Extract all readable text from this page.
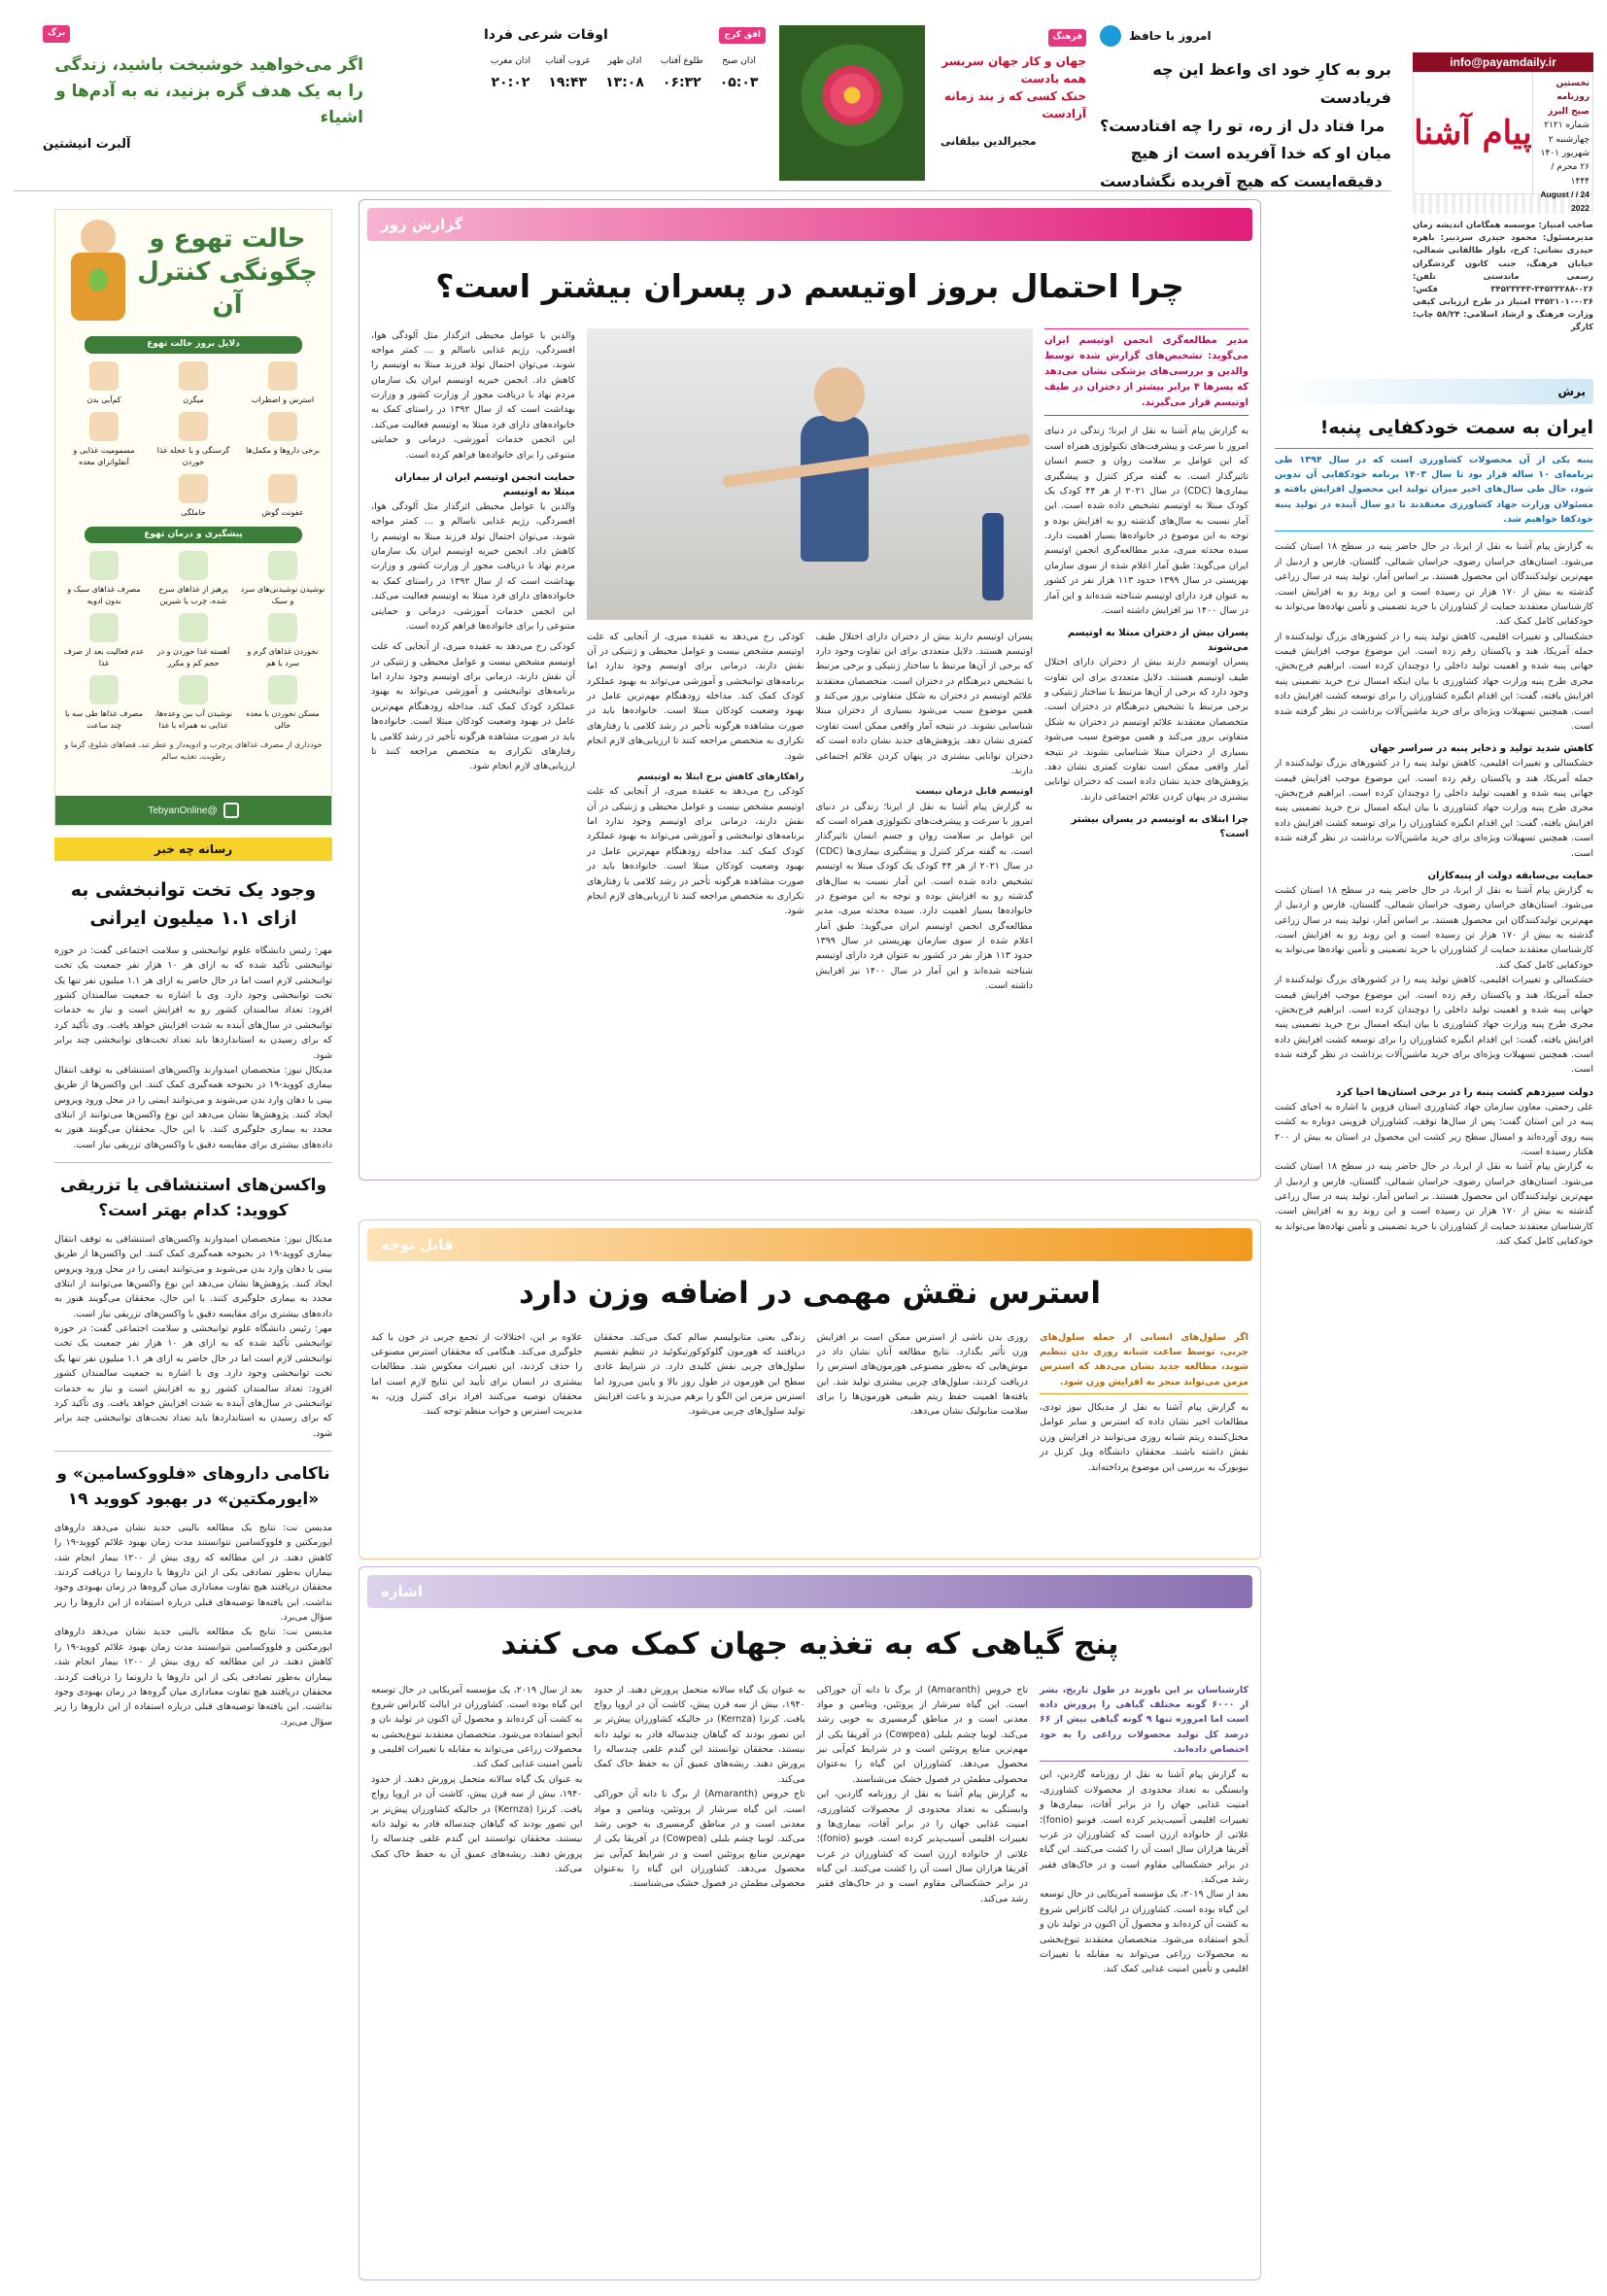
info@payamdaily.ir
نخستین روزنامه صبح البرز
شماره ۲۱۲۱
چهارشنبه ۲ شهریور ۱۴۰۱
۲۶ محرم / ۱۴۴۴
24 / August / 2022
پیام آشنا
صاحب امتیاز: موسسه همگامان اندیشه زمان مدیرمسئول: محمود حیدری سردبیر: باهره حیدری نشانی: کرج، بلوار طالقانی شمالی، خیابان فرهنگ، جنب کانون گردشگران رسمی ماندستی تلفن: ۰۲۶-۳۴۵۲۳۲۸۸-۳۴۵۲۳۲۴۳ فکس: ۰۲۶-۳۴۵۲۱۰۱۰ امتیاز در طرح ارزیابی کیفی وزارت فرهنگ و ارشاد اسلامی: ۵۸/۲۴ چاپ: کارگر
امروز با حافظ
برو به کارِ خود ای واعظ این چه فریادست
مرا فتاد دل از ره، تو را چه افتادست؟
میان او که خدا آفریده است از هیچ
دقیقه‌ایست که هیچ آفریده نگشادست
فرهنگ
جهان و کار جهان سربسر
همه بادست
خنک کسی که ز بند زمانه
آزادست
مجیرالدین بیلقانی
افق کرج
اوقات شرعی فردا
اذان صبح
طلوع آفتاب
اذان ظهر
غروب آفتاب
اذان مغرب
۰۵:۰۳
۰۶:۳۲
۱۳:۰۸
۱۹:۴۳
۲۰:۰۲
برگ
اگر می‌خواهید خوشبخت باشید، زندگی را به یک هدف گره بزنید، نه به آدم‌ها و اشیاء
آلبرت انیشتین
گزارش روز
چرا احتمال بروز اوتیسم در پسران بیشتر است؟
مدیر مطالعه‌گری انجمن اوتیسم ایران می‌گوید: تشخیص‌های گزارش شده توسط والدین و بررسی‌های پزشکی نشان می‌دهد که پسرها ۴ برابر بیشتر از دختران در طیف اوتیسم قرار می‌گیرند.
به گزارش پیام آشنا به نقل از ایرنا؛ زندگی در دنیای امروز با سرعت و پیشرفت‌های تکنولوژی همراه است که این عوامل بر سلامت روان و جسم انسان تاثیرگذار است. به گفته مرکز کنترل و پیشگیری بیماری‌ها (CDC) در سال ۲۰۲۱ از هر ۴۴ کودک یک کودک مبتلا به اوتیسم تشخیص داده شده است. این آمار نسبت به سال‌های گذشته رو به افزایش بوده و توجه به این موضوع در خانواده‌ها بسیار اهمیت دارد. سیده محدثه میری، مدیر مطالعه‌گری انجمن اوتیسم ایران می‌گوید: طبق آمار اعلام شده از سوی سازمان بهزیستی در سال ۱۳۹۹ حدود ۱۱۳ هزار نفر در کشور به عنوان فرد دارای اوتیسم شناخته شده‌اند و این آمار در سال ۱۴۰۰ نیز افزایش داشته است.
پسران بیش از دختران مبتلا به اوتیسم می‌شوند
پسران اوتیسم دارند بیش از دختران دارای اختلال طیف اوتیسم هستند. دلایل متعددی برای این تفاوت وجود دارد که برخی از آن‌ها مرتبط با ساختار ژنتیکی و برخی مرتبط با تشخیص دیرهنگام در دختران است. متخصصان معتقدند علائم اوتیسم در دختران به شکل متفاوتی بروز می‌کند و همین موضوع سبب می‌شود بسیاری از دختران مبتلا شناسایی نشوند. در نتیجه آمار واقعی ممکن است تفاوت کمتری نشان دهد. پژوهش‌های جدید نشان داده است که دختران توانایی بیشتری در پنهان کردن علائم اجتماعی دارند.
چرا ابتلای به اوتیسم در پسران بیشتر است؟
پسران اوتیسم دارند بیش از دختران دارای اختلال طیف اوتیسم هستند. دلایل متعددی برای این تفاوت وجود دارد که برخی از آن‌ها مرتبط با ساختار ژنتیکی و برخی مرتبط با تشخیص دیرهنگام در دختران است. متخصصان معتقدند علائم اوتیسم در دختران به شکل متفاوتی بروز می‌کند و همین موضوع سبب می‌شود بسیاری از دختران مبتلا شناسایی نشوند. در نتیجه آمار واقعی ممکن است تفاوت کمتری نشان دهد. پژوهش‌های جدید نشان داده است که دختران توانایی بیشتری در پنهان کردن علائم اجتماعی دارند.
اوتیسم قابل درمان نیست
به گزارش پیام آشنا به نقل از ایرنا؛ زندگی در دنیای امروز با سرعت و پیشرفت‌های تکنولوژی همراه است که این عوامل بر سلامت روان و جسم انسان تاثیرگذار است. به گفته مرکز کنترل و پیشگیری بیماری‌ها (CDC) در سال ۲۰۲۱ از هر ۴۴ کودک یک کودک مبتلا به اوتیسم تشخیص داده شده است. این آمار نسبت به سال‌های گذشته رو به افزایش بوده و توجه به این موضوع در خانواده‌ها بسیار اهمیت دارد. سیده محدثه میری، مدیر مطالعه‌گری انجمن اوتیسم ایران می‌گوید: طبق آمار اعلام شده از سوی سازمان بهزیستی در سال ۱۳۹۹ حدود ۱۱۳ هزار نفر در کشور به عنوان فرد دارای اوتیسم شناخته شده‌اند و این آمار در سال ۱۴۰۰ نیز افزایش داشته است.
کودکی رخ می‌دهد به عقیده میری، از آنجایی که علت اوتیسم مشخص نیست و عوامل محیطی و ژنتیکی در آن نقش دارند، درمانی برای اوتیسم وجود ندارد اما برنامه‌های توانبخشی و آموزشی می‌تواند به بهبود عملکرد کودک کمک کند. مداخله زودهنگام مهم‌ترین عامل در بهبود وضعیت کودکان مبتلا است. خانواده‌ها باید در صورت مشاهده هرگونه تأخیر در رشد کلامی یا رفتارهای تکراری به متخصص مراجعه کنند تا ارزیابی‌های لازم انجام شود.
راهکارهای کاهش نرخ ابتلا به اوتیسم
کودکی رخ می‌دهد به عقیده میری، از آنجایی که علت اوتیسم مشخص نیست و عوامل محیطی و ژنتیکی در آن نقش دارند، درمانی برای اوتیسم وجود ندارد اما برنامه‌های توانبخشی و آموزشی می‌تواند به بهبود عملکرد کودک کمک کند. مداخله زودهنگام مهم‌ترین عامل در بهبود وضعیت کودکان مبتلا است. خانواده‌ها باید در صورت مشاهده هرگونه تأخیر در رشد کلامی یا رفتارهای تکراری به متخصص مراجعه کنند تا ارزیابی‌های لازم انجام شود.
والدین یا عوامل محیطی اثرگذار مثل آلودگی هوا، افسردگی، رژیم غذایی ناسالم و ... کمتر مواجه شوند، می‌توان احتمال تولد فرزند مبتلا به اوتیسم را کاهش داد. انجمن خیریه اوتیسم ایران یک سازمان مردم نهاد با دریافت مجوز از وزارت کشور و وزارت بهداشت است که از سال ۱۳۹۲ در راستای کمک به خانواده‌های دارای فرد مبتلا به اوتیسم فعالیت می‌کند. این انجمن خدمات آموزشی، درمانی و حمایتی متنوعی را برای خانواده‌ها فراهم کرده است.
حمایت انجمن اوتیسم ایران از بیماران مبتلا به اوتیسم
والدین یا عوامل محیطی اثرگذار مثل آلودگی هوا، افسردگی، رژیم غذایی ناسالم و ... کمتر مواجه شوند، می‌توان احتمال تولد فرزند مبتلا به اوتیسم را کاهش داد. انجمن خیریه اوتیسم ایران یک سازمان مردم نهاد با دریافت مجوز از وزارت کشور و وزارت بهداشت است که از سال ۱۳۹۲ در راستای کمک به خانواده‌های دارای فرد مبتلا به اوتیسم فعالیت می‌کند. این انجمن خدمات آموزشی، درمانی و حمایتی متنوعی را برای خانواده‌ها فراهم کرده است.
کودکی رخ می‌دهد به عقیده میری، از آنجایی که علت اوتیسم مشخص نیست و عوامل محیطی و ژنتیکی در آن نقش دارند، درمانی برای اوتیسم وجود ندارد اما برنامه‌های توانبخشی و آموزشی می‌تواند به بهبود عملکرد کودک کمک کند. مداخله زودهنگام مهم‌ترین عامل در بهبود وضعیت کودکان مبتلا است. خانواده‌ها باید در صورت مشاهده هرگونه تأخیر در رشد کلامی یا رفتارهای تکراری به متخصص مراجعه کنند تا ارزیابی‌های لازم انجام شود.
قابل توجه
استرس نقش مهمی در اضافه وزن دارد
اگر سلول‌های انسانی از جمله سلول‌های چربی، توسط ساعت شبانه روزی بدن تنظیم شوند، مطالعه جدید نشان می‌دهد که استرس مزمن می‌تواند منجر به افزایش وزن شود.
به گزارش پیام آشنا به نقل از مدیکال نیوز تودی، مطالعات اخیر نشان داده که استرس و سایر عوامل مختل‌کننده ریتم شبانه روزی می‌توانند در افزایش وزن نقش داشته باشند. محققان دانشگاه ویل کرنل در نیویورک به بررسی این موضوع پرداخته‌اند.
روزی بدن ناشی از استرس ممکن است بر افزایش وزن تأثیر بگذارد. نتایج مطالعه آنان نشان داد در موش‌هایی که به‌طور مصنوعی هورمون‌های استرس را دریافت کردند، سلول‌های چربی بیشتری تولید شد. این یافته‌ها اهمیت حفظ ریتم طبیعی هورمون‌ها را برای سلامت متابولیک نشان می‌دهد.
زندگی یعنی متابولیسم سالم کمک می‌کند. محققان دریافتند که هورمون گلوکوکورتیکوئید در تنظیم تقسیم سلول‌های چربی نقش کلیدی دارد. در شرایط عادی سطح این هورمون در طول روز بالا و پایین می‌رود اما استرس مزمن این الگو را برهم می‌زند و باعث افزایش تولید سلول‌های چربی می‌شود.
علاوه بر این، اختلالات از تجمع چربی در خون یا کبد جلوگیری می‌کند. هنگامی که محققان استرس مصنوعی را حذف کردند، این تغییرات معکوس شد. مطالعات بیشتری در انسان برای تأیید این نتایج لازم است اما محققان توصیه می‌کنند افراد برای کنترل وزن، به مدیریت استرس و خواب منظم توجه کنند.
اشاره
پنج گیاهی که به تغذیه جهان کمک می کنند
کارشناسان بر این باورند در طول تاریخ، بشر از ۶۰۰۰ گونه مختلف گیاهی را پرورش داده است اما امروزه تنها ۹ گونه گیاهی بیش از ۶۶ درصد کل تولید محصولات زراعی را به خود اختصاص داده‌اند.
به گزارش پیام آشنا به نقل از روزنامه گاردین، این وابستگی به تعداد محدودی از محصولات کشاورزی، امنیت غذایی جهان را در برابر آفات، بیماری‌ها و تغییرات اقلیمی آسیب‌پذیر کرده است. فونیو (fonio)؛ غلاتی از خانواده ارزن است که کشاورزان در غرب آفریقا هزاران سال است آن را کشت می‌کنند. این گیاه در برابر خشکسالی مقاوم است و در خاک‌های فقیر رشد می‌کند.
بعد از سال ۲۰۱۹، یک مؤسسه آمریکایی در حال توسعه این گیاه بوده است. کشاورزان در ایالت کانزاس شروع به کشت آن کرده‌اند و محصول آن اکنون در تولید نان و آبجو استفاده می‌شود. متخصصان معتقدند تنوع‌بخشی به محصولات زراعی می‌تواند به مقابله با تغییرات اقلیمی و تأمین امنیت غذایی کمک کند.
تاج خروس (Amaranth) از برگ تا دانه آن خوراکی است. این گیاه سرشار از پروتئین، ویتامین و مواد معدنی است و در مناطق گرمسیری به خوبی رشد می‌کند. لوبیا چشم بلبلی (Cowpea) در آفریقا یکی از مهم‌ترین منابع پروتئین است و در شرایط کم‌آبی نیز محصول می‌دهد. کشاورزان این گیاه را به‌عنوان محصولی مطمئن در فصول خشک می‌شناسند.
به گزارش پیام آشنا به نقل از روزنامه گاردین، این وابستگی به تعداد محدودی از محصولات کشاورزی، امنیت غذایی جهان را در برابر آفات، بیماری‌ها و تغییرات اقلیمی آسیب‌پذیر کرده است. فونیو (fonio)؛ غلاتی از خانواده ارزن است که کشاورزان در غرب آفریقا هزاران سال است آن را کشت می‌کنند. این گیاه در برابر خشکسالی مقاوم است و در خاک‌های فقیر رشد می‌کند.
به عنوان یک گیاه سالانه متحمل پرورش دهند. از حدود ۱۹۴۰، بیش از سه قرن پیش، کاشت آن در اروپا رواج یافت. کرنزا (Kernza) در حالیکه کشاورزان پیش‌تر بر این تصور بودند که گیاهان چندساله قادر به تولید دانه نیستند، محققان توانستند این گندم علفی چندساله را پرورش دهند. ریشه‌های عمیق آن به حفظ خاک کمک می‌کند.
تاج خروس (Amaranth) از برگ تا دانه آن خوراکی است. این گیاه سرشار از پروتئین، ویتامین و مواد معدنی است و در مناطق گرمسیری به خوبی رشد می‌کند. لوبیا چشم بلبلی (Cowpea) در آفریقا یکی از مهم‌ترین منابع پروتئین است و در شرایط کم‌آبی نیز محصول می‌دهد. کشاورزان این گیاه را به‌عنوان محصولی مطمئن در فصول خشک می‌شناسند.
بعد از سال ۲۰۱۹، یک مؤسسه آمریکایی در حال توسعه این گیاه بوده است. کشاورزان در ایالت کانزاس شروع به کشت آن کرده‌اند و محصول آن اکنون در تولید نان و آبجو استفاده می‌شود. متخصصان معتقدند تنوع‌بخشی به محصولات زراعی می‌تواند به مقابله با تغییرات اقلیمی و تأمین امنیت غذایی کمک کند.
به عنوان یک گیاه سالانه متحمل پرورش دهند. از حدود ۱۹۴۰، بیش از سه قرن پیش، کاشت آن در اروپا رواج یافت. کرنزا (Kernza) در حالیکه کشاورزان پیش‌تر بر این تصور بودند که گیاهان چندساله قادر به تولید دانه نیستند، محققان توانستند این گندم علفی چندساله را پرورش دهند. ریشه‌های عمیق آن به حفظ خاک کمک می‌کند.
برش
ایران به سمت خودکفایی پنبه!
پنبه یکی از آن محصولات کشاورزی است که در سال ۱۳۹۴ طی برنامه‌ای ۱۰ ساله قرار بود تا سال ۱۴۰۳ برنامه خودکفایی آن تدوین شود، حال طی سال‌های اخیر میزان تولید این محصول افزایش یافته و مسئولان وزارت جهاد کشاورزی معتقدند تا دو سال آینده در تولید پنبه خودکفا خواهیم شد.
به گزارش پیام آشنا به نقل از ایرنا، در حال حاضر پنبه در سطح ۱۸ استان کشت می‌شود. استان‌های خراسان رضوی، خراسان شمالی، گلستان، فارس و اردبیل از مهم‌ترین تولیدکنندگان این محصول هستند. بر اساس آمار، تولید پنبه در سال زراعی گذشته به بیش از ۱۷۰ هزار تن رسیده است و این روند رو به افزایش است. کارشناسان معتقدند حمایت از کشاورزان با خرید تضمینی و تأمین نهاده‌ها می‌تواند به خودکفایی کامل کمک کند.
خشکسالی و تغییرات اقلیمی، کاهش تولید پنبه را در کشورهای بزرگ تولیدکننده از جمله آمریکا، هند و پاکستان رقم زده است. این موضوع موجب افزایش قیمت جهانی پنبه شده و اهمیت تولید داخلی را دوچندان کرده است. ابراهیم فرح‌بخش، مجری طرح پنبه وزارت جهاد کشاورزی با بیان اینکه امسال نرخ خرید تضمینی پنبه افزایش یافته، گفت: این اقدام انگیزه کشاورزان را برای توسعه کشت افزایش داده است. همچنین تسهیلات ویژه‌ای برای خرید ماشین‌آلات برداشت در نظر گرفته شده است.
کاهش شدید تولید و ذخایر پنبه در سراسر جهان
خشکسالی و تغییرات اقلیمی، کاهش تولید پنبه را در کشورهای بزرگ تولیدکننده از جمله آمریکا، هند و پاکستان رقم زده است. این موضوع موجب افزایش قیمت جهانی پنبه شده و اهمیت تولید داخلی را دوچندان کرده است. ابراهیم فرح‌بخش، مجری طرح پنبه وزارت جهاد کشاورزی با بیان اینکه امسال نرخ خرید تضمینی پنبه افزایش یافته، گفت: این اقدام انگیزه کشاورزان را برای توسعه کشت افزایش داده است. همچنین تسهیلات ویژه‌ای برای خرید ماشین‌آلات برداشت در نظر گرفته شده است.
حمایت بی‌سابقه دولت از پنبه‌کاران
به گزارش پیام آشنا به نقل از ایرنا، در حال حاضر پنبه در سطح ۱۸ استان کشت می‌شود. استان‌های خراسان رضوی، خراسان شمالی، گلستان، فارس و اردبیل از مهم‌ترین تولیدکنندگان این محصول هستند. بر اساس آمار، تولید پنبه در سال زراعی گذشته به بیش از ۱۷۰ هزار تن رسیده است و این روند رو به افزایش است. کارشناسان معتقدند حمایت از کشاورزان با خرید تضمینی و تأمین نهاده‌ها می‌تواند به خودکفایی کامل کمک کند.
خشکسالی و تغییرات اقلیمی، کاهش تولید پنبه را در کشورهای بزرگ تولیدکننده از جمله آمریکا، هند و پاکستان رقم زده است. این موضوع موجب افزایش قیمت جهانی پنبه شده و اهمیت تولید داخلی را دوچندان کرده است. ابراهیم فرح‌بخش، مجری طرح پنبه وزارت جهاد کشاورزی با بیان اینکه امسال نرخ خرید تضمینی پنبه افزایش یافته، گفت: این اقدام انگیزه کشاورزان را برای توسعه کشت افزایش داده است. همچنین تسهیلات ویژه‌ای برای خرید ماشین‌آلات برداشت در نظر گرفته شده است.
دولت سیزدهم کشت پنبه را در برخی استان‌ها احیا کرد
علی رحمتی، معاون سازمان جهاد کشاورزی استان قزوین با اشاره به احیای کشت پنبه در این استان گفت: پس از سال‌ها توقف، کشاورزان قزوینی دوباره به کشت پنبه روی آورده‌اند و امسال سطح زیر کشت این محصول در استان به بیش از ۲۰۰ هکتار رسیده است.
به گزارش پیام آشنا به نقل از ایرنا، در حال حاضر پنبه در سطح ۱۸ استان کشت می‌شود. استان‌های خراسان رضوی، خراسان شمالی، گلستان، فارس و اردبیل از مهم‌ترین تولیدکنندگان این محصول هستند. بر اساس آمار، تولید پنبه در سال زراعی گذشته به بیش از ۱۷۰ هزار تن رسیده است و این روند رو به افزایش است. کارشناسان معتقدند حمایت از کشاورزان با خرید تضمینی و تأمین نهاده‌ها می‌تواند به خودکفایی کامل کمک کند.
حالت تهوع و
چگونگی کنترل آن
دلایل بروز حالت تهوع
استرس و اضطراب
میگرن
کم‌آبی بدن
برخی داروها و مکمل‌ها
گرسنگی و یا عجله غذا خوردن
مسمومیت غذایی و آنفلوانزای معده
عفونت گوش
حاملگی
پیشگیری و درمان تهوع
نوشیدن نوشیدنی‌های سرد و سبک
پرهیز از غذاهای سرخ شده، چرب یا شیرین
مصرف غذاهای سبک و بدون ادویه
نخوردن غذاهای گرم و سرد با هم
آهسته غذا خوردن و در حجم کم و مکرر
عدم فعالیت بعد از صرف غذا
مسکن نخوردن با معده خالی
نوشیدن آب بین وعده‌ها، غذایی نه همراه با غذا
مصرف غذاها طی سه یا چند ساعت
خودداری از مصرف غذاهای پرچرب و ادویه‌دار و عطر تند، فضاهای شلوغ، گرما و رطوبت، تغذیه سالم
@TebyanOnline
رسانه چه خبر
وجود یک تخت توانبخشی به ازای ۱.۱ میلیون ایرانی
مهر: رئیس دانشگاه علوم توانبخشی و سلامت اجتماعی گفت: در حوزه توانبخشی تأکید شده که به ازای هر ۱۰ هزار نفر جمعیت یک تخت توانبخشی لازم است اما در حال حاضر به ازای هر ۱.۱ میلیون نفر تنها یک تخت توانبخشی وجود دارد. وی با اشاره به جمعیت سالمندان کشور افزود: تعداد سالمندان کشور رو به افزایش است و نیاز به خدمات توانبخشی در سال‌های آینده به شدت افزایش خواهد یافت. وی تأکید کرد که برای رسیدن به استانداردها باید تعداد تخت‌های توانبخشی چند برابر شود.
مدیکال نیوز: متخصصان امیدوارند واکسن‌های استنشاقی به توقف انتقال بیماری کووید-۱۹ در بحبوحه همه‌گیری کمک کنند. این واکسن‌ها از طریق بینی یا دهان وارد بدن می‌شوند و می‌توانند ایمنی را در محل ورود ویروس ایجاد کنند. پژوهش‌ها نشان می‌دهد این نوع واکسن‌ها می‌توانند از ابتلای مجدد به بیماری جلوگیری کنند. با این حال، محققان می‌گویند هنوز به داده‌های بیشتری برای مقایسه دقیق با واکسن‌های تزریقی نیاز است.
واکسن‌های استنشاقی یا تزریقی کووید: کدام بهتر است؟
مدیکال نیوز: متخصصان امیدوارند واکسن‌های استنشاقی به توقف انتقال بیماری کووید-۱۹ در بحبوحه همه‌گیری کمک کنند. این واکسن‌ها از طریق بینی یا دهان وارد بدن می‌شوند و می‌توانند ایمنی را در محل ورود ویروس ایجاد کنند. پژوهش‌ها نشان می‌دهد این نوع واکسن‌ها می‌توانند از ابتلای مجدد به بیماری جلوگیری کنند. با این حال، محققان می‌گویند هنوز به داده‌های بیشتری برای مقایسه دقیق با واکسن‌های تزریقی نیاز است.
مهر: رئیس دانشگاه علوم توانبخشی و سلامت اجتماعی گفت: در حوزه توانبخشی تأکید شده که به ازای هر ۱۰ هزار نفر جمعیت یک تخت توانبخشی لازم است اما در حال حاضر به ازای هر ۱.۱ میلیون نفر تنها یک تخت توانبخشی وجود دارد. وی با اشاره به جمعیت سالمندان کشور افزود: تعداد سالمندان کشور رو به افزایش است و نیاز به خدمات توانبخشی در سال‌های آینده به شدت افزایش خواهد یافت. وی تأکید کرد که برای رسیدن به استانداردها باید تعداد تخت‌های توانبخشی چند برابر شود.
ناکامی داروهای «فلووکسامین» و «ایورمکتین» در بهبود کووید ۱۹
مدیسن نت: نتایج یک مطالعه بالینی جدید نشان می‌دهد داروهای ایورمکتین و فلووکسامین نتوانستند مدت زمان بهبود علائم کووید-۱۹ را کاهش دهند. در این مطالعه که روی بیش از ۱۲۰۰ بیمار انجام شد، بیماران به‌طور تصادفی یکی از این داروها یا دارونما را دریافت کردند. محققان دریافتند هیچ تفاوت معناداری میان گروه‌ها در زمان بهبودی وجود نداشت. این یافته‌ها توصیه‌های قبلی درباره استفاده از این داروها را زیر سؤال می‌برد.
مدیسن نت: نتایج یک مطالعه بالینی جدید نشان می‌دهد داروهای ایورمکتین و فلووکسامین نتوانستند مدت زمان بهبود علائم کووید-۱۹ را کاهش دهند. در این مطالعه که روی بیش از ۱۲۰۰ بیمار انجام شد، بیماران به‌طور تصادفی یکی از این داروها یا دارونما را دریافت کردند. محققان دریافتند هیچ تفاوت معناداری میان گروه‌ها در زمان بهبودی وجود نداشت. این یافته‌ها توصیه‌های قبلی درباره استفاده از این داروها را زیر سؤال می‌برد.
